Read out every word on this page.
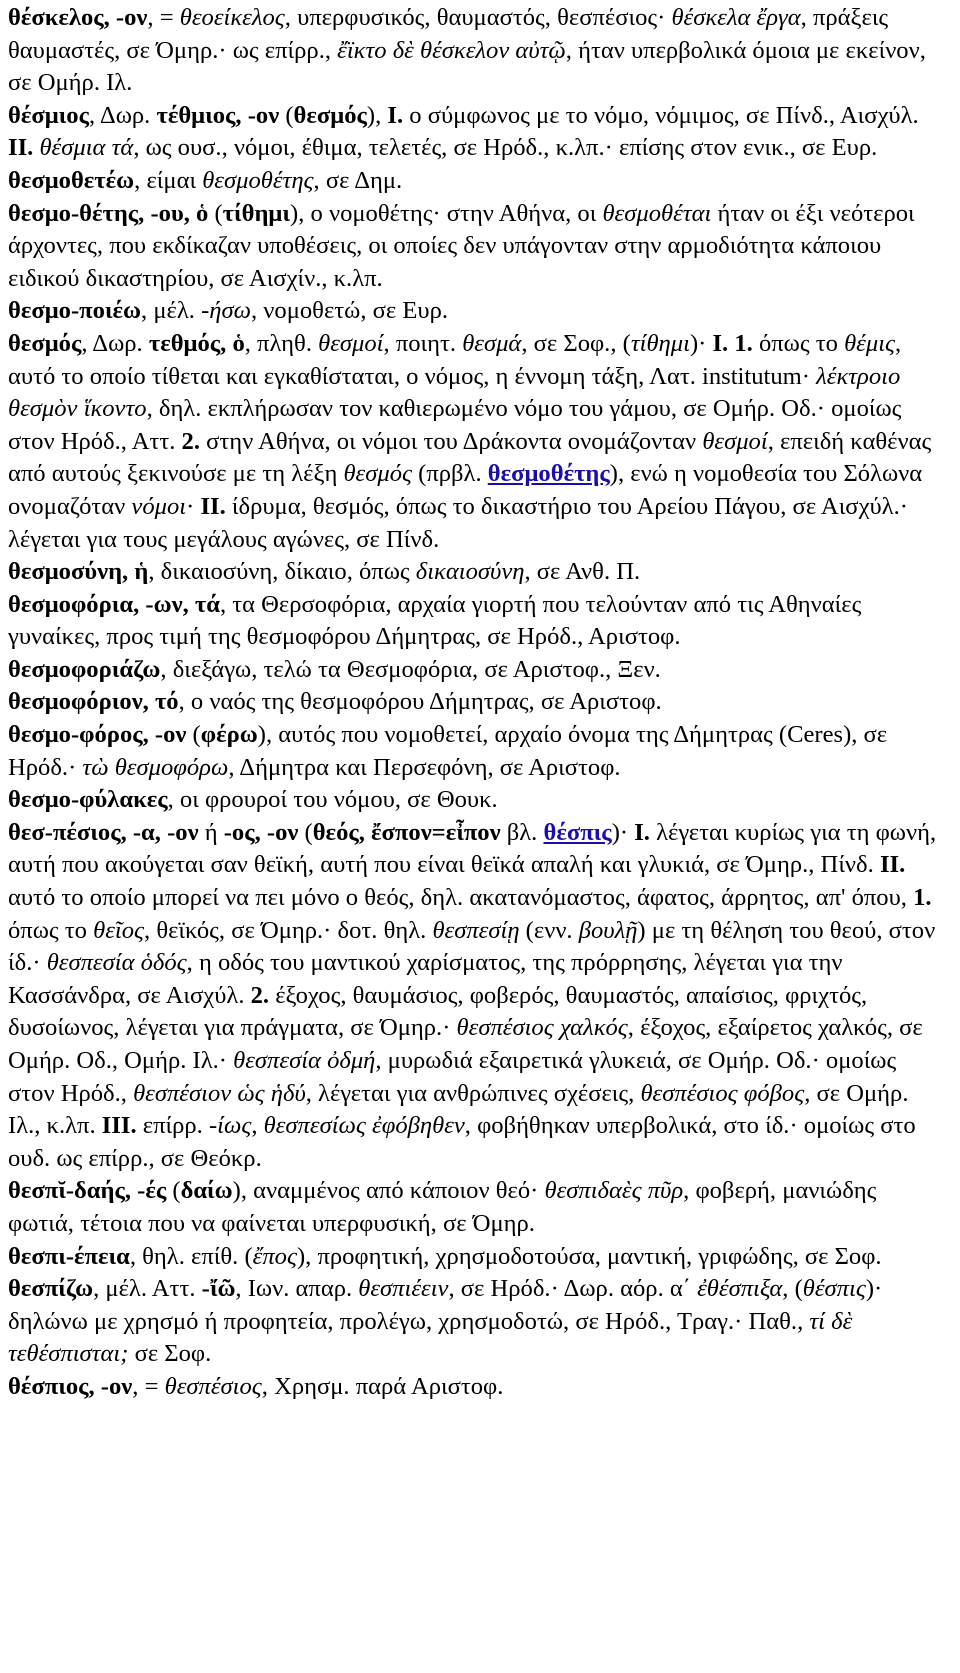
θέσκελος, -ον, = θεοείκελος, υπερφυσικός, θαυμαστός, θεσπέσιος· θέσκελα ἔργα, πράξεις θαυμαστές, σε Όμηρ.· ως επίρρ., ἔϊκτο δὲ θέσκελον αὐτῷ, ήταν υπερβολικά όμοια με εκείνον, σε Ομήρ. Ιλ.

θέσμιος, Δωρ. τέθμιος, -ον (θεσμός), I. ο σύμφωνος με το νόμο, νόμιμος, σε Πίνδ., Αισχύλ. II. θέσμια τά, ως ουσ., νόμοι, έθιμα, τελετές, σε Ηρόδ., κ.λπ.· επίσης στον ενικ., σε Ευρ.

θεσμοθετέω, είμαι θεσμοθέτης, σε Δημ.

θεσμο-θέτης, -ου, ὁ (τίθημι), ο νομοθέτης· στην Αθήνα, οι θεσμοθέται ήταν οι έξι νεότεροι άρχοντες, που εκδίκαζαν υποθέσεις, οι οποίες δεν υπάγονταν στην αρμοδιότητα κάποιου ειδικού δικαστηρίου, σε Αισχίν., κ.λπ.

θεσμο-ποιέω, μέλ. -ήσω, νομοθετώ, σε Ευρ.

θεσμός, Δωρ. τεθμός, ὁ, πληθ. θεσμοί, ποιητ. θεσμά, σε Σοφ., (τίθημι)· I. 1. όπως το θέμις, αυτό το οποίο τίθεται και εγκαθίσταται, ο νόμος, η έννομη τάξη, Λατ. institutum· λέκτροιο θεσμὸν ἵκοντο, δηλ. εκπλήρωσαν τον καθιερωμένο νόμο του γάμου, σε Ομήρ. Οδ.· ομοίως στον Ηρόδ., Αττ. 2. στην Αθήνα, οι νόμοι του Δράκοντα ονομάζονταν θεσμοί, επειδή καθένας από αυτούς ξεκινούσε με τη λέξη θεσμός (πρβλ. θεσμοθέτης), ενώ η νομοθεσία του Σόλωνα ονομαζόταν νόμοι· II. ίδρυμα, θεσμός, όπως το δικαστήριο του Αρείου Πάγου, σε Αισχύλ.· λέγεται για τους μεγάλους αγώνες, σε Πίνδ.

θεσμοσύνη, ἡ, δικαιοσύνη, δίκαιο, όπως δικαιοσύνη, σε Ανθ. Π.

θεσμοφόρια, -ων, τά, τα Θερσοφόρια, αρχαία γιορτή που τελούνταν από τις Αθηναίες γυναίκες, προς τιμή της θεσμοφόρου Δήμητρας, σε Ηρόδ., Αριστοφ.

θεσμοφοριάζω, διεξάγω, τελώ τα Θεσμοφόρια, σε Αριστοφ., Ξεν.

θεσμοφόριον, τό, ο ναός της θεσμοφόρου Δήμητρας, σε Αριστοφ.

θεσμο-φόρος, -ον (φέρω), αυτός που νομοθετεί, αρχαίο όνομα της Δήμητρας (Ceres), σε Ηρόδ.· τὼ θεσμοφόρω, Δήμητρα και Περσεφόνη, σε Αριστοφ.

θεσμο-φύλακες, οι φρουροί του νόμου, σε Θουκ.

θεσ-πέσιος, -α, -ον ή -ος, -ον (θεός, ἔσπον=εἶπον βλ. θέσπις)· I. λέγεται κυρίως για τη φωνή, αυτή που ακούγεται σαν θεϊκή, αυτή που είναι θεϊκά απαλή και γλυκιά, σε Όμηρ., Πίνδ. II. αυτό το οποίο μπορεί να πει μόνο ο θεός, δηλ. ακατανόμαστος, άφατος, άρρητος, απ' όπου, 1. όπως το θεῖος, θεϊκός, σε Όμηρ.· δοτ. θηλ. θεσπεσίῃ (ενν. βουλῇ) με τη θέληση του θεού, στον ίδ.· θεσπεσία ὁδός, η οδός του μαντικού χαρίσματος, της πρόρρησης, λέγεται για την Κασσάνδρα, σε Αισχύλ. 2. έξοχος, θαυμάσιος, φοβερός, θαυμαστός, απαίσιος, φριχτός, δυσοίωνος, λέγεται για πράγματα, σε Όμηρ.· θεσπέσιος χαλκός, έξοχος, εξαίρετος χαλκός, σε Ομήρ. Οδ., Ομήρ. Ιλ.· θεσπεσία ὀδμή, μυρωδιά εξαιρετικά γλυκειά, σε Ομήρ. Οδ.· ομοίως στον Ηρόδ., θεσπέσιον ὡς ἡδύ, λέγεται για ανθρώπινες σχέσεις, θεσπέσιος φόβος, σε Ομήρ. Ιλ., κ.λπ. III. επίρρ. -ίως, θεσπεσίως ἐφόβηθεν, φοβήθηκαν υπερβολικά, στο ίδ.· ομοίως στο ουδ. ως επίρρ., σε Θεόκρ.

θεσπῐ-δαής, -ές (δαίω), αναμμένος από κάποιον θεό· θεσπιδαὲς πῦρ, φοβερή, μανιώδης φωτιά, τέτοια που να φαίνεται υπερφυσική, σε Όμηρ.

θεσπι-έπεια, θηλ. επίθ. (ἔπος), προφητική, χρησμοδοτούσα, μαντική, γριφώδης, σε Σοφ.

θεσπίζω, μέλ. Αττ. -ἴῶ, Ιων. απαρ. θεσπιέειν, σε Ηρόδ.· Δωρ. αόρ. α΄ ἐθέσπιξα, (θέσπις)· δηλώνω με χρησμό ή προφητεία, προλέγω, χρησμοδοτώ, σε Ηρόδ., Τραγ.· Παθ., τί δὲ τεθέσπισται; σε Σοφ.

θέσπιος, -ον, = θεσπέσιος, Χρησμ. παρά Αριστοφ.
